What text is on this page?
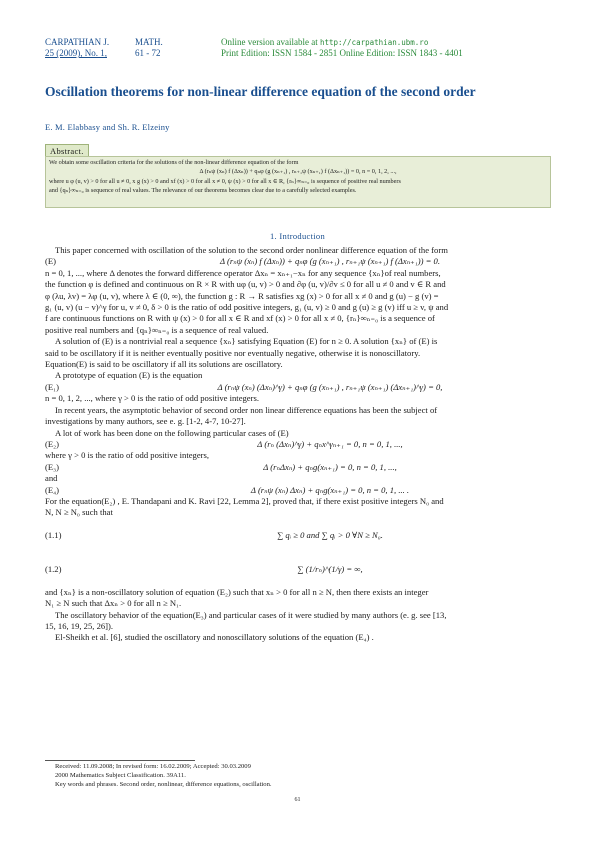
CARPATHIAN J.	MATH.
25 (2009), No. 1,	61 - 72
Online version available at http://carpathian.ubm.ro
Print Edition: ISSN 1584 - 2851 Online Edition: ISSN 1843 - 4401
Oscillation theorems for non-linear difference equation of the second order
E. M. Elabbasy and Sh. R. Elzeiny
Abstract.
We obtain some oscillation criteria for the solutions of the non-linear difference equation of the form
Δ (rₙψ (xₙ) f (Δxₙ)) + qₙφ (g (xₙ₊₁) , rₙ₊₁ψ (xₙ₊₁) f (Δxₙ₊₁)) = 0, n = 0, 1, 2, ...,
where u φ (u, v) > 0 for all u ≠ 0, x g (x) > 0 and xf (x) > 0 for all x ≠ 0, ψ (x) > 0 for all x ∈ R, {rₙ}∞ₙ₌₀ is sequence of positive real numbers
and {qₙ}∞ₙ₌₀ is sequence of real values. The relevance of our theorems becomes clear due to a carefully selected examples.
1. Introduction

This paper concerned with oscillation of the solution to the second order nonlinear difference equation of the form

(E)	Δ (rₙψ (xₙ) f (Δxₙ)) + qₙφ (g (xₙ₊₁) , rₙ₊₁ψ (xₙ₊₁) f (Δxₙ₊₁)) = 0.

n = 0, 1, ..., where Δ denotes the forward difference operator Δxₙ = xₙ₊₁−xₙ for any sequence {xₙ}of real numbers,

the function φ is defined and continuous on R × R with uφ (u, v) > 0 and ∂φ (u, v)/∂v ≤ 0 for all u ≠ 0 and v ∈ R and

φ (λu, λv) = λφ (u, v), where λ ∈ (0, ∞), the function g : R → R satisfies xg (x) > 0 for all x ≠ 0 and g (u) − g (v) =

g₁ (u, v) (u − v)^γ for u, v ≠ 0, δ > 0 is the ratio of odd positive integers, g₁ (u, v) ≥ 0 and g (u) ≥ g (v) iff u ≥ v, ψ and

f are continuous functions on R with ψ (x) > 0 for all x ∈ R and xf (x) > 0 for all x ≠ 0, {rₙ}∞ₙ₌₀ is a sequence of

positive real numbers and {qₙ}∞ₙ₌₀ is a sequence of real valued.

A solution of (E) is a nontrivial real a sequence {xₙ} satisfying Equation (E) for n ≥ 0. A solution {xₙ} of (E) is

said to be oscillatory if it is neither eventually positive nor eventually negative, otherwise it is nonoscillatory.

Equation(E) is said to be oscillatory if all its solutions are oscillatory.

A prototype of equation (E) is the equation

(E₁)	Δ (rₙψ (xₙ) (Δxₙ)^γ) + qₙφ (g (xₙ₊₁) , rₙ₊₁ψ (xₙ₊₁) (Δxₙ₊₁)^γ) = 0,

n = 0, 1, 2, ..., where γ > 0 is the ratio of odd positive integers.

In recent years, the asymptotic behavior of second order non linear difference equations has been the subject of

investigations by many authors, see e. g. [1-2, 4-7, 10-27].

A lot of work has been done on the following particular cases of (E)

(E₂)	Δ (rₙ (Δxₙ)^γ) + qₙx^γₙ₊₁ = 0, n = 0, 1, ...,

where γ > 0 is the ratio of odd positive integers,

(E₃)	Δ (rₙΔxₙ) + qₙg(xₙ₊₁) = 0, n = 0, 1, ...,

and

(E₄)	Δ (rₙψ (xₙ) Δxₙ) + qₙg(xₙ₊₁) = 0, n = 0, 1, ... .

For the equation(E₂) , E. Thandapani and K. Ravi [22, Lemma 2], proved that, if there exist positive integers N₀ and

N, N ≥ N₀ such that

(1.1)	∑ qᵢ ≥ 0 and ∑ qᵢ > 0 ∀N ≥ N₀.
(1.2)	∑ (1/rₙ)^(1/γ) = ∞,

and {xₙ} is a non-oscillatory solution of equation (E₂) such that xₙ > 0 for all n ≥ N, then there exists an integer

N₁ ≥ N such that Δxₙ > 0 for all n ≥ N₁.

The oscillatory behavior of the equation(E₃) and particular cases of it were studied by many authors (e. g. see [13,

15, 16, 19, 25, 26]).

El-Sheikh et al. [6], studied the oscillatory and nonoscillatory solutions of the equation (E₄) .

Received: 11.09.2008; In revised form: 16.02.2009; Accepted: 30.03.2009
2000 Mathematics Subject Classification. 39A11.
Key words and phrases. Second order, nonlinear, difference equations, oscillation.
61
